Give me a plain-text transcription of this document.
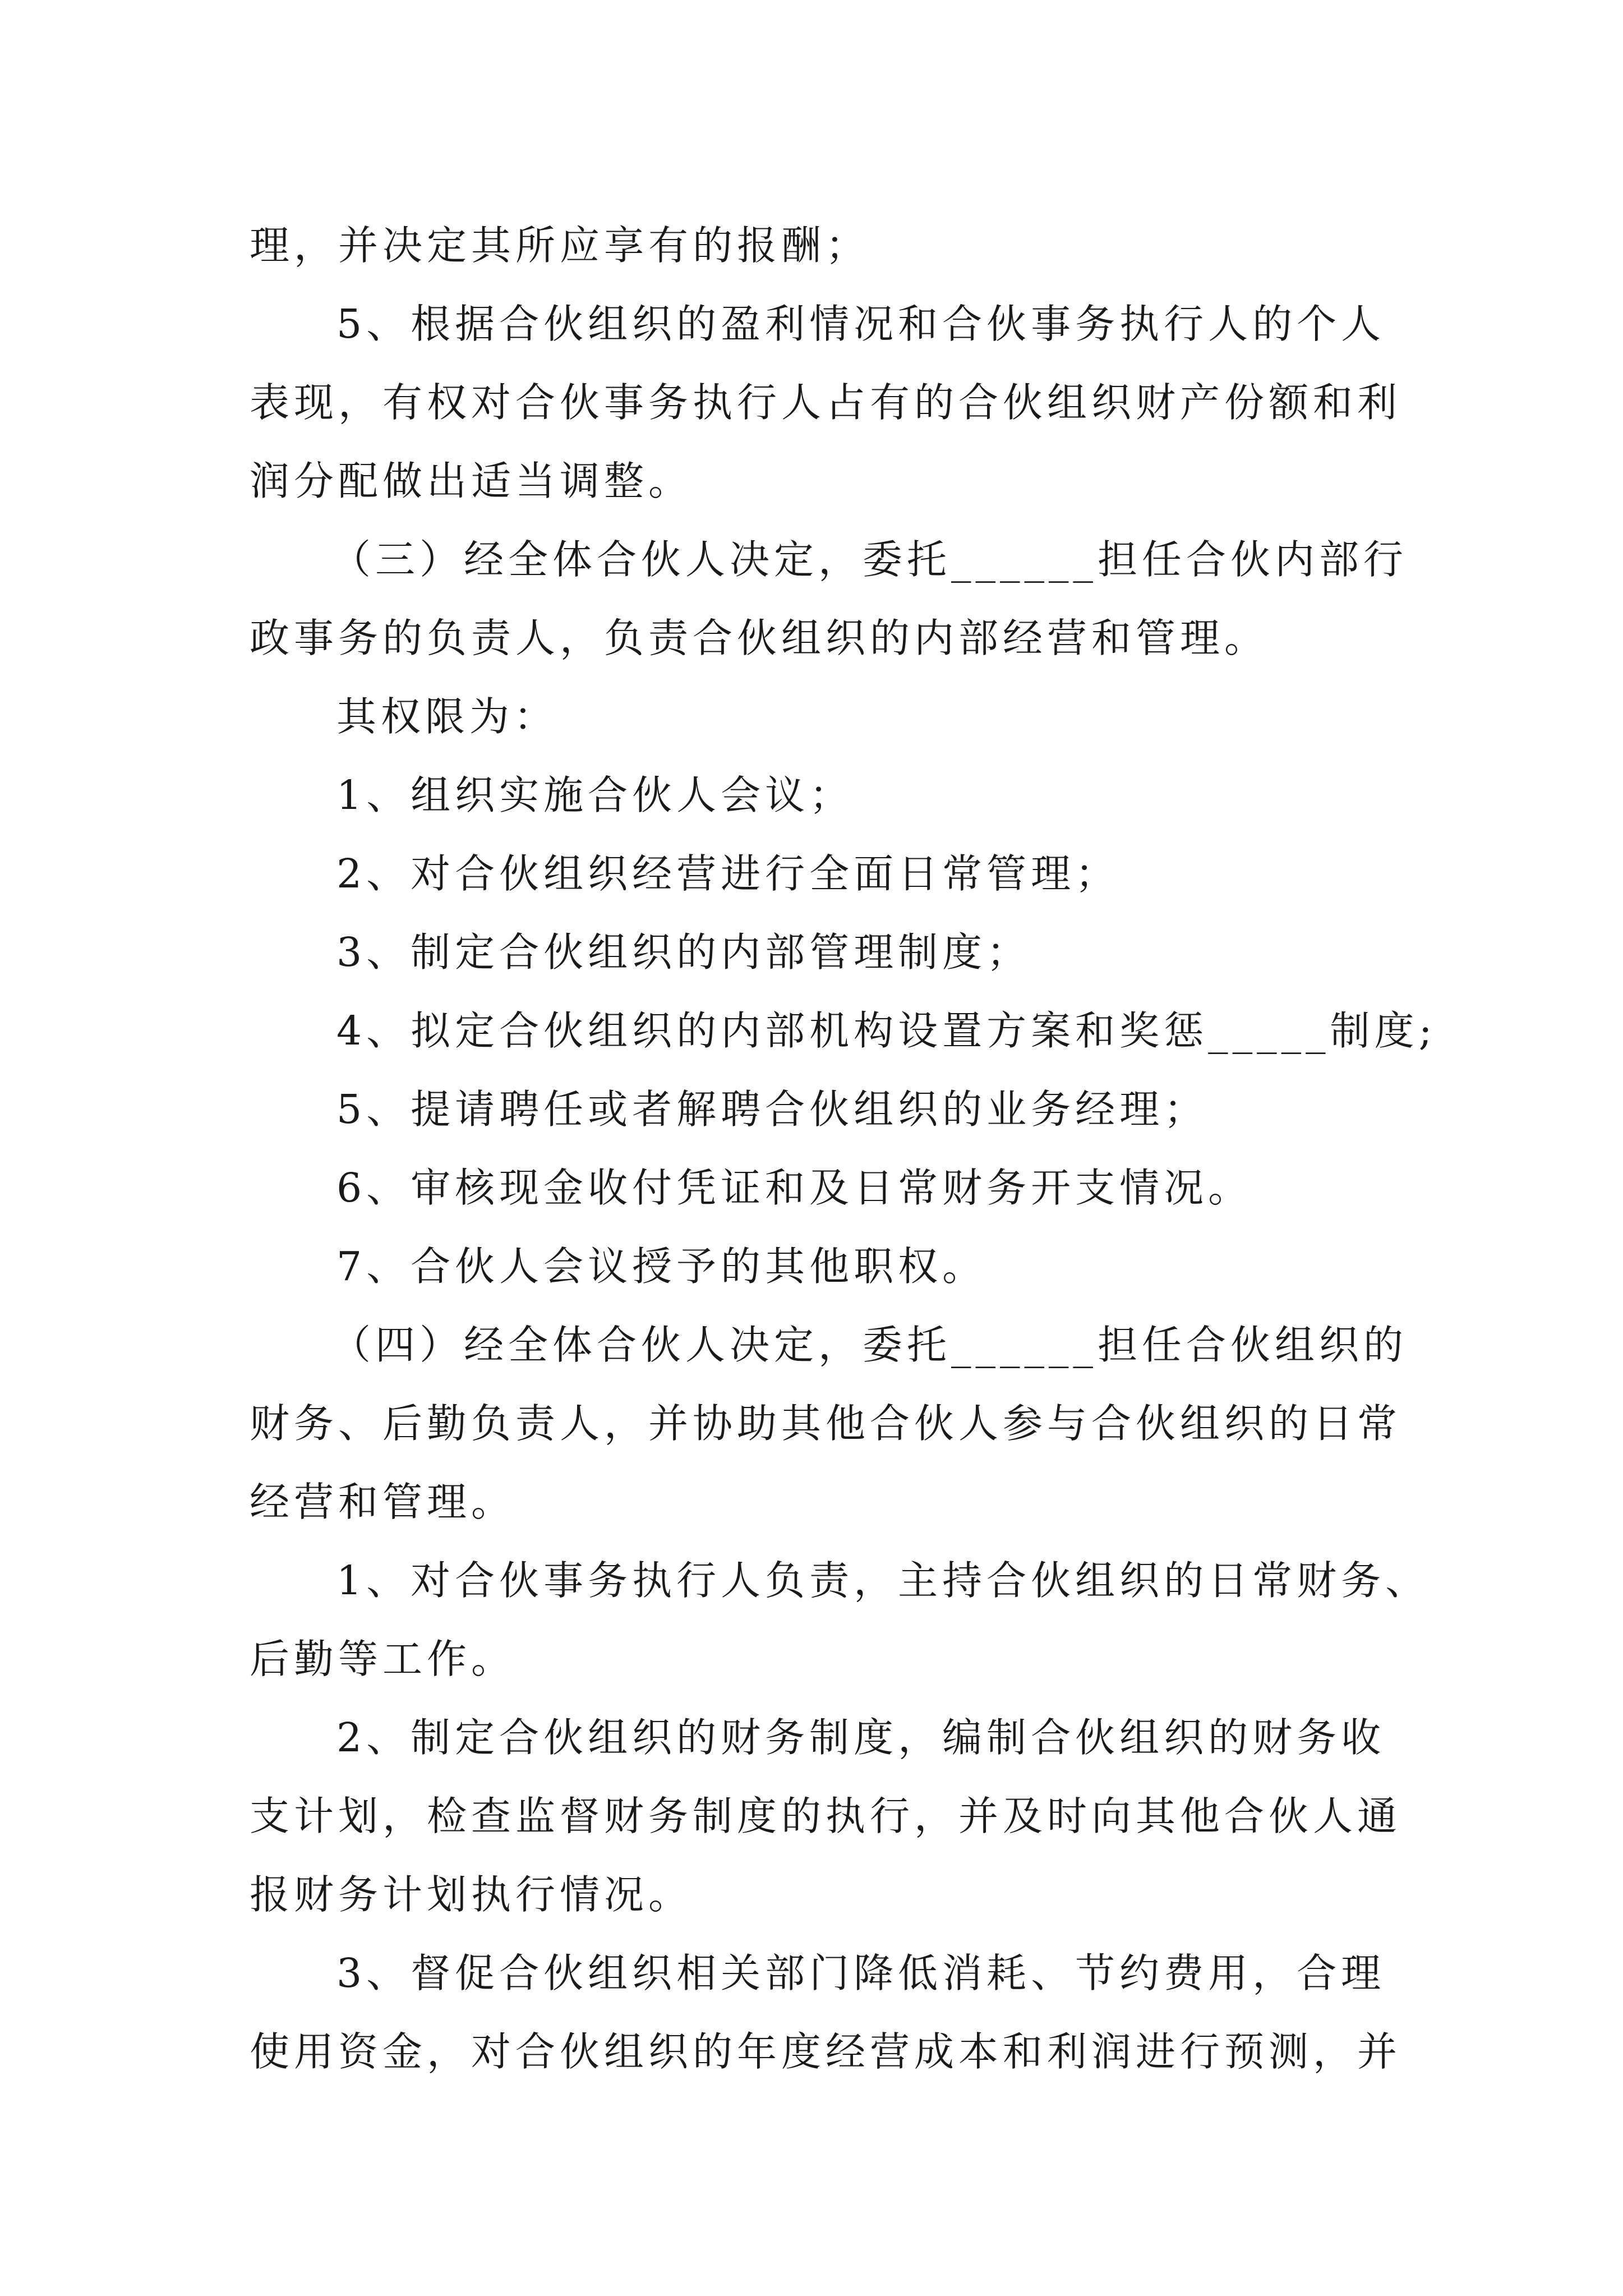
理，并决定其所应享有的报酬；
5、根据合伙组织的盈利情况和合伙事务执行人的个人
表现，有权对合伙事务执行人占有的合伙组织财产份额和利
润分配做出适当调整。
（三）经全体合伙人决定，委托______担任合伙内部行
政事务的负责人，负责合伙组织的内部经营和管理。
其权限为：
1、组织实施合伙人会议；
2、对合伙组织经营进行全面日常管理；
3、制定合伙组织的内部管理制度；
4、拟定合伙组织的内部机构设置方案和奖惩_____制度;
5、提请聘任或者解聘合伙组织的业务经理；
6、审核现金收付凭证和及日常财务开支情况。
7、合伙人会议授予的其他职权。
（四）经全体合伙人决定，委托______担任合伙组织的
财务、后勤负责人，并协助其他合伙人参与合伙组织的日常
经营和管理。
1、对合伙事务执行人负责，主持合伙组织的日常财务、
后勤等工作。
2、制定合伙组织的财务制度，编制合伙组织的财务收
支计划，检查监督财务制度的执行，并及时向其他合伙人通
报财务计划执行情况。
3、督促合伙组织相关部门降低消耗、节约费用，合理
使用资金，对合伙组织的年度经营成本和利润进行预测，并
